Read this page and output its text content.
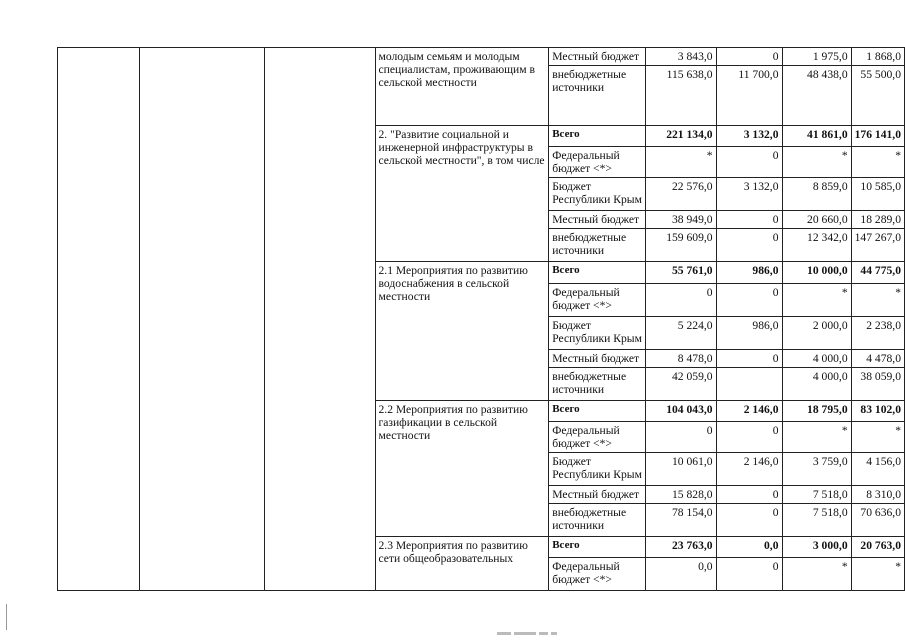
			молодым семьям и молодым специалистам, проживающим в сельской местности	Местный бюджет	3 843,0	0	1 975,0	1 868,0
				внебюджетные источники	115 638,0	11 700,0	48 438,0	55 500,0
			2. "Развитие социальной и инженерной инфраструктуры в сельской местности", в том числе	Всего	221 134,0	3 132,0	41 861,0	176 141,0
				Федеральный бюджет <*>	*	0	*	*
				Бюджет Республики Крым	22 576,0	3 132,0	8 859,0	10 585,0
				Местный бюджет	38 949,0	0	20 660,0	18 289,0
				внебюджетные источники	159 609,0	0	12 342,0	147 267,0
			2.1 Мероприятия по развитию водоснабжения в сельской местности	Всего	55 761,0	986,0	10 000,0	44 775,0
				Федеральный бюджет <*>	0	0	*	*
				Бюджет Республики Крым	5 224,0	986,0	2 000,0	2 238,0
				Местный бюджет	8 478,0	0	4 000,0	4 478,0
				внебюджетные источники	42 059,0		4 000,0	38 059,0
			2.2 Мероприятия по развитию газификации в сельской местности	Всего	104 043,0	2 146,0	18 795,0	83 102,0
				Федеральный бюджет <*>	0	0	*	*
				Бюджет Республики Крым	10 061,0	2 146,0	3 759,0	4 156,0
				Местный бюджет	15 828,0	0	7 518,0	8 310,0
				внебюджетные источники	78 154,0	0	7 518,0	70 636,0
			2.3 Мероприятия по развитию сети общеобразовательных	Всего	23 763,0	0,0	3 000,0	20 763,0
				Федеральный бюджет <*>	0,0	0	*	*
